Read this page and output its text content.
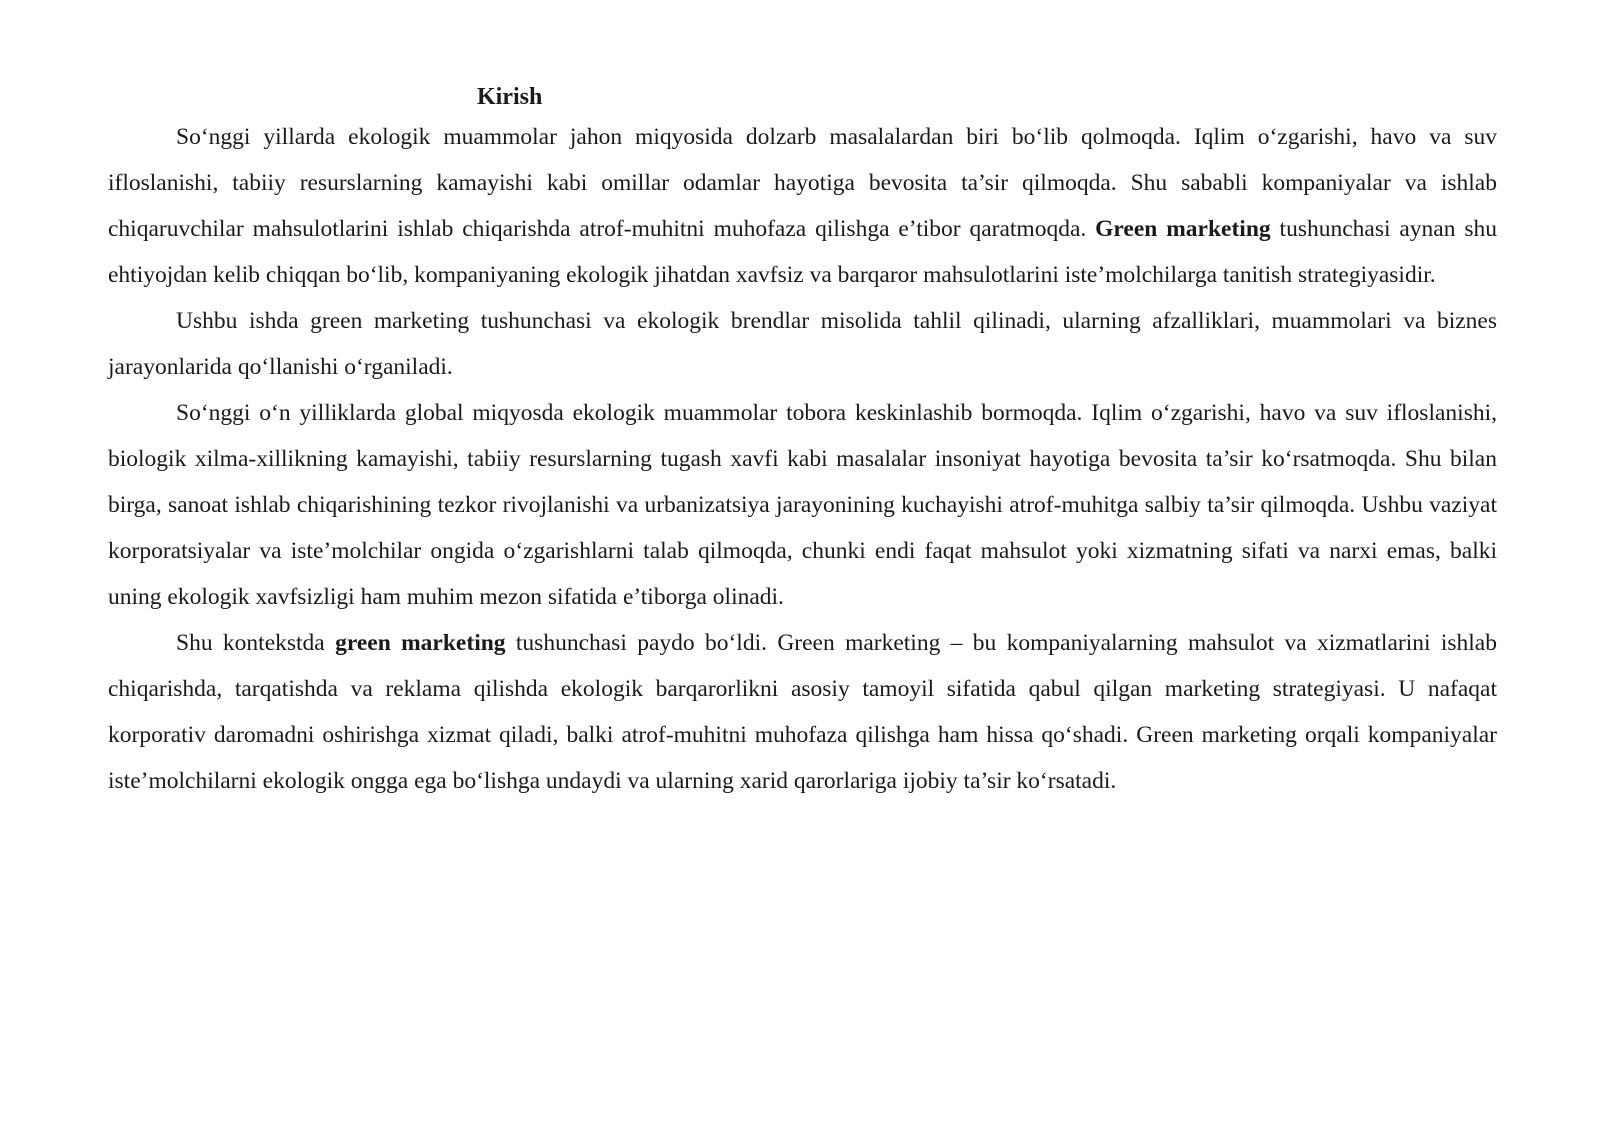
Kirish

So‘nggi yillarda ekologik muammolar jahon miqyosida dolzarb masalalardan biri bo‘lib qolmoqda. Iqlim o‘zgarishi, havo va suv ifloslanishi, tabiiy resurslarning kamayishi kabi omillar odamlar hayotiga bevosita ta’sir qilmoqda. Shu sababli kompaniyalar va ishlab chiqaruvchilar mahsulotlarini ishlab chiqarishda atrof-muhitni muhofaza qilishga e’tibor qaratmoqda. Green marketing tushunchasi aynan shu ehtiyojdan kelib chiqqan bo‘lib, kompaniyaning ekologik jihatdan xavfsiz va barqaror mahsulotlarini iste’molchilarga tanitish strategiyasidir.

Ushbu ishda green marketing tushunchasi va ekologik brendlar misolida tahlil qilinadi, ularning afzalliklari, muammolari va biznes jarayonlarida qo‘llanishi o‘rganiladi.

So‘nggi o‘n yilliklarda global miqyosda ekologik muammolar tobora keskinlashib bormoqda. Iqlim o‘zgarishi, havo va suv ifloslanishi, biologik xilma-xillikning kamayishi, tabiiy resurslarning tugash xavfi kabi masalalar insoniyat hayotiga bevosita ta’sir ko‘rsatmoqda. Shu bilan birga, sanoat ishlab chiqarishining tezkor rivojlanishi va urbanizatsiya jarayonining kuchayishi atrof-muhitga salbiy ta’sir qilmoqda. Ushbu vaziyat korporatsiyalar va iste’molchilar ongida o‘zgarishlarni talab qilmoqda, chunki endi faqat mahsulot yoki xizmatning sifati va narxi emas, balki uning ekologik xavfsizligi ham muhim mezon sifatida e’tiborga olinadi.

Shu kontekstda green marketing tushunchasi paydo bo‘ldi. Green marketing – bu kompaniyalarning mahsulot va xizmatlarini ishlab chiqarishda, tarqatishda va reklama qilishda ekologik barqarorlikni asosiy tamoyil sifatida qabul qilgan marketing strategiyasi. U nafaqat korporativ daromadni oshirishga xizmat qiladi, balki atrof-muhitni muhofaza qilishga ham hissa qo‘shadi. Green marketing orqali kompaniyalar iste’molchilarni ekologik ongga ega bo‘lishga undaydi va ularning xarid qarorlariga ijobiy ta’sir ko‘rsatadi.
